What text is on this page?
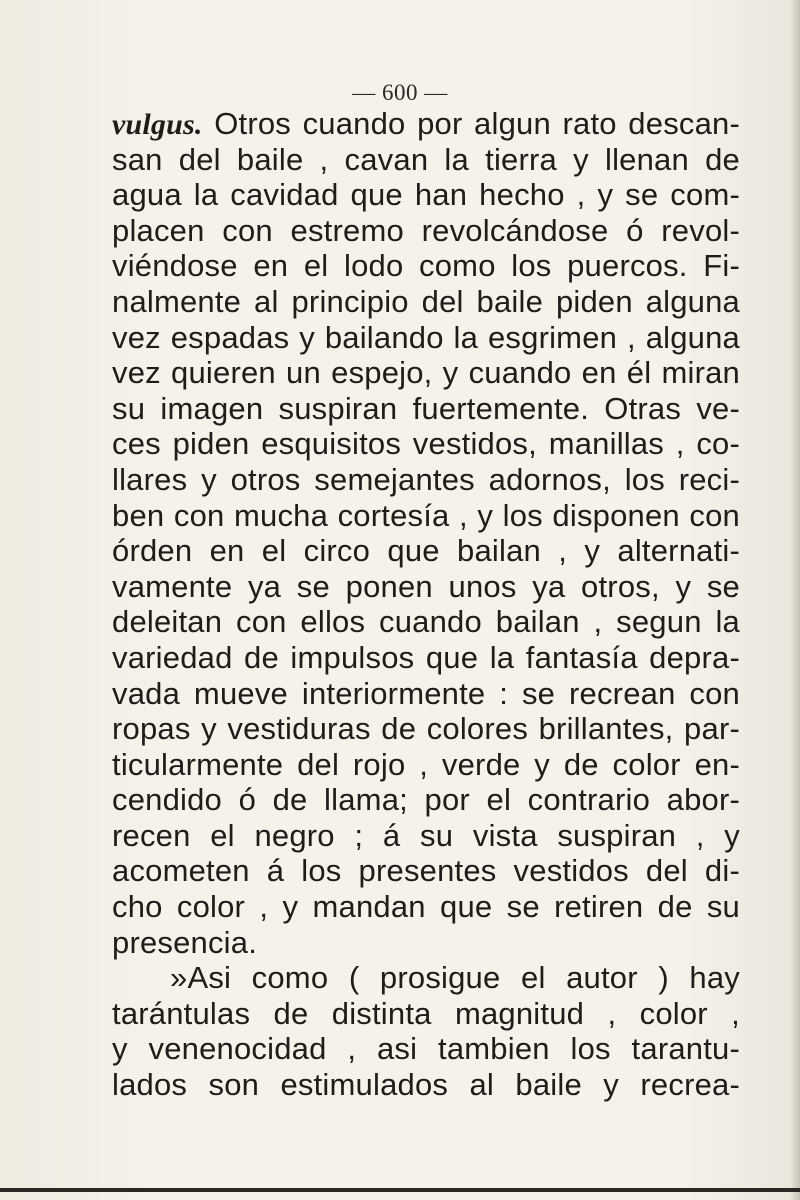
— 600 —
vulgus. Otros cuando por algun rato descan-
san del baile , cavan la tierra y llenan de
agua la cavidad que han hecho , y se com-
placen con estremo revolcándose ó revol-
viéndose en el lodo como los puercos. Fi-
nalmente al principio del baile piden alguna
vez espadas y bailando la esgrimen , alguna
vez quieren un espejo, y cuando en él miran
su imagen suspiran fuertemente. Otras ve-
ces piden esquisitos vestidos, manillas , co-
llares y otros semejantes adornos, los reci-
ben con mucha cortesía , y los disponen con
órden en el circo que bailan , y alternati-
vamente ya se ponen unos ya otros, y se
deleitan con ellos cuando bailan , segun la
variedad de impulsos que la fantasía depra-
vada mueve interiormente : se recrean con
ropas y vestiduras de colores brillantes, par-
ticularmente del rojo , verde y de color en-
cendido ó de llama; por el contrario abor-
recen el negro ; á su vista suspiran , y
acometen á los presentes vestidos del di-
cho color , y mandan que se retiren de su
presencia.
»Asi como ( prosigue el autor ) hay
tarántulas de distinta magnitud , color ,
y venenocidad , asi tambien los tarantu-
lados son estimulados al baile y recrea-
